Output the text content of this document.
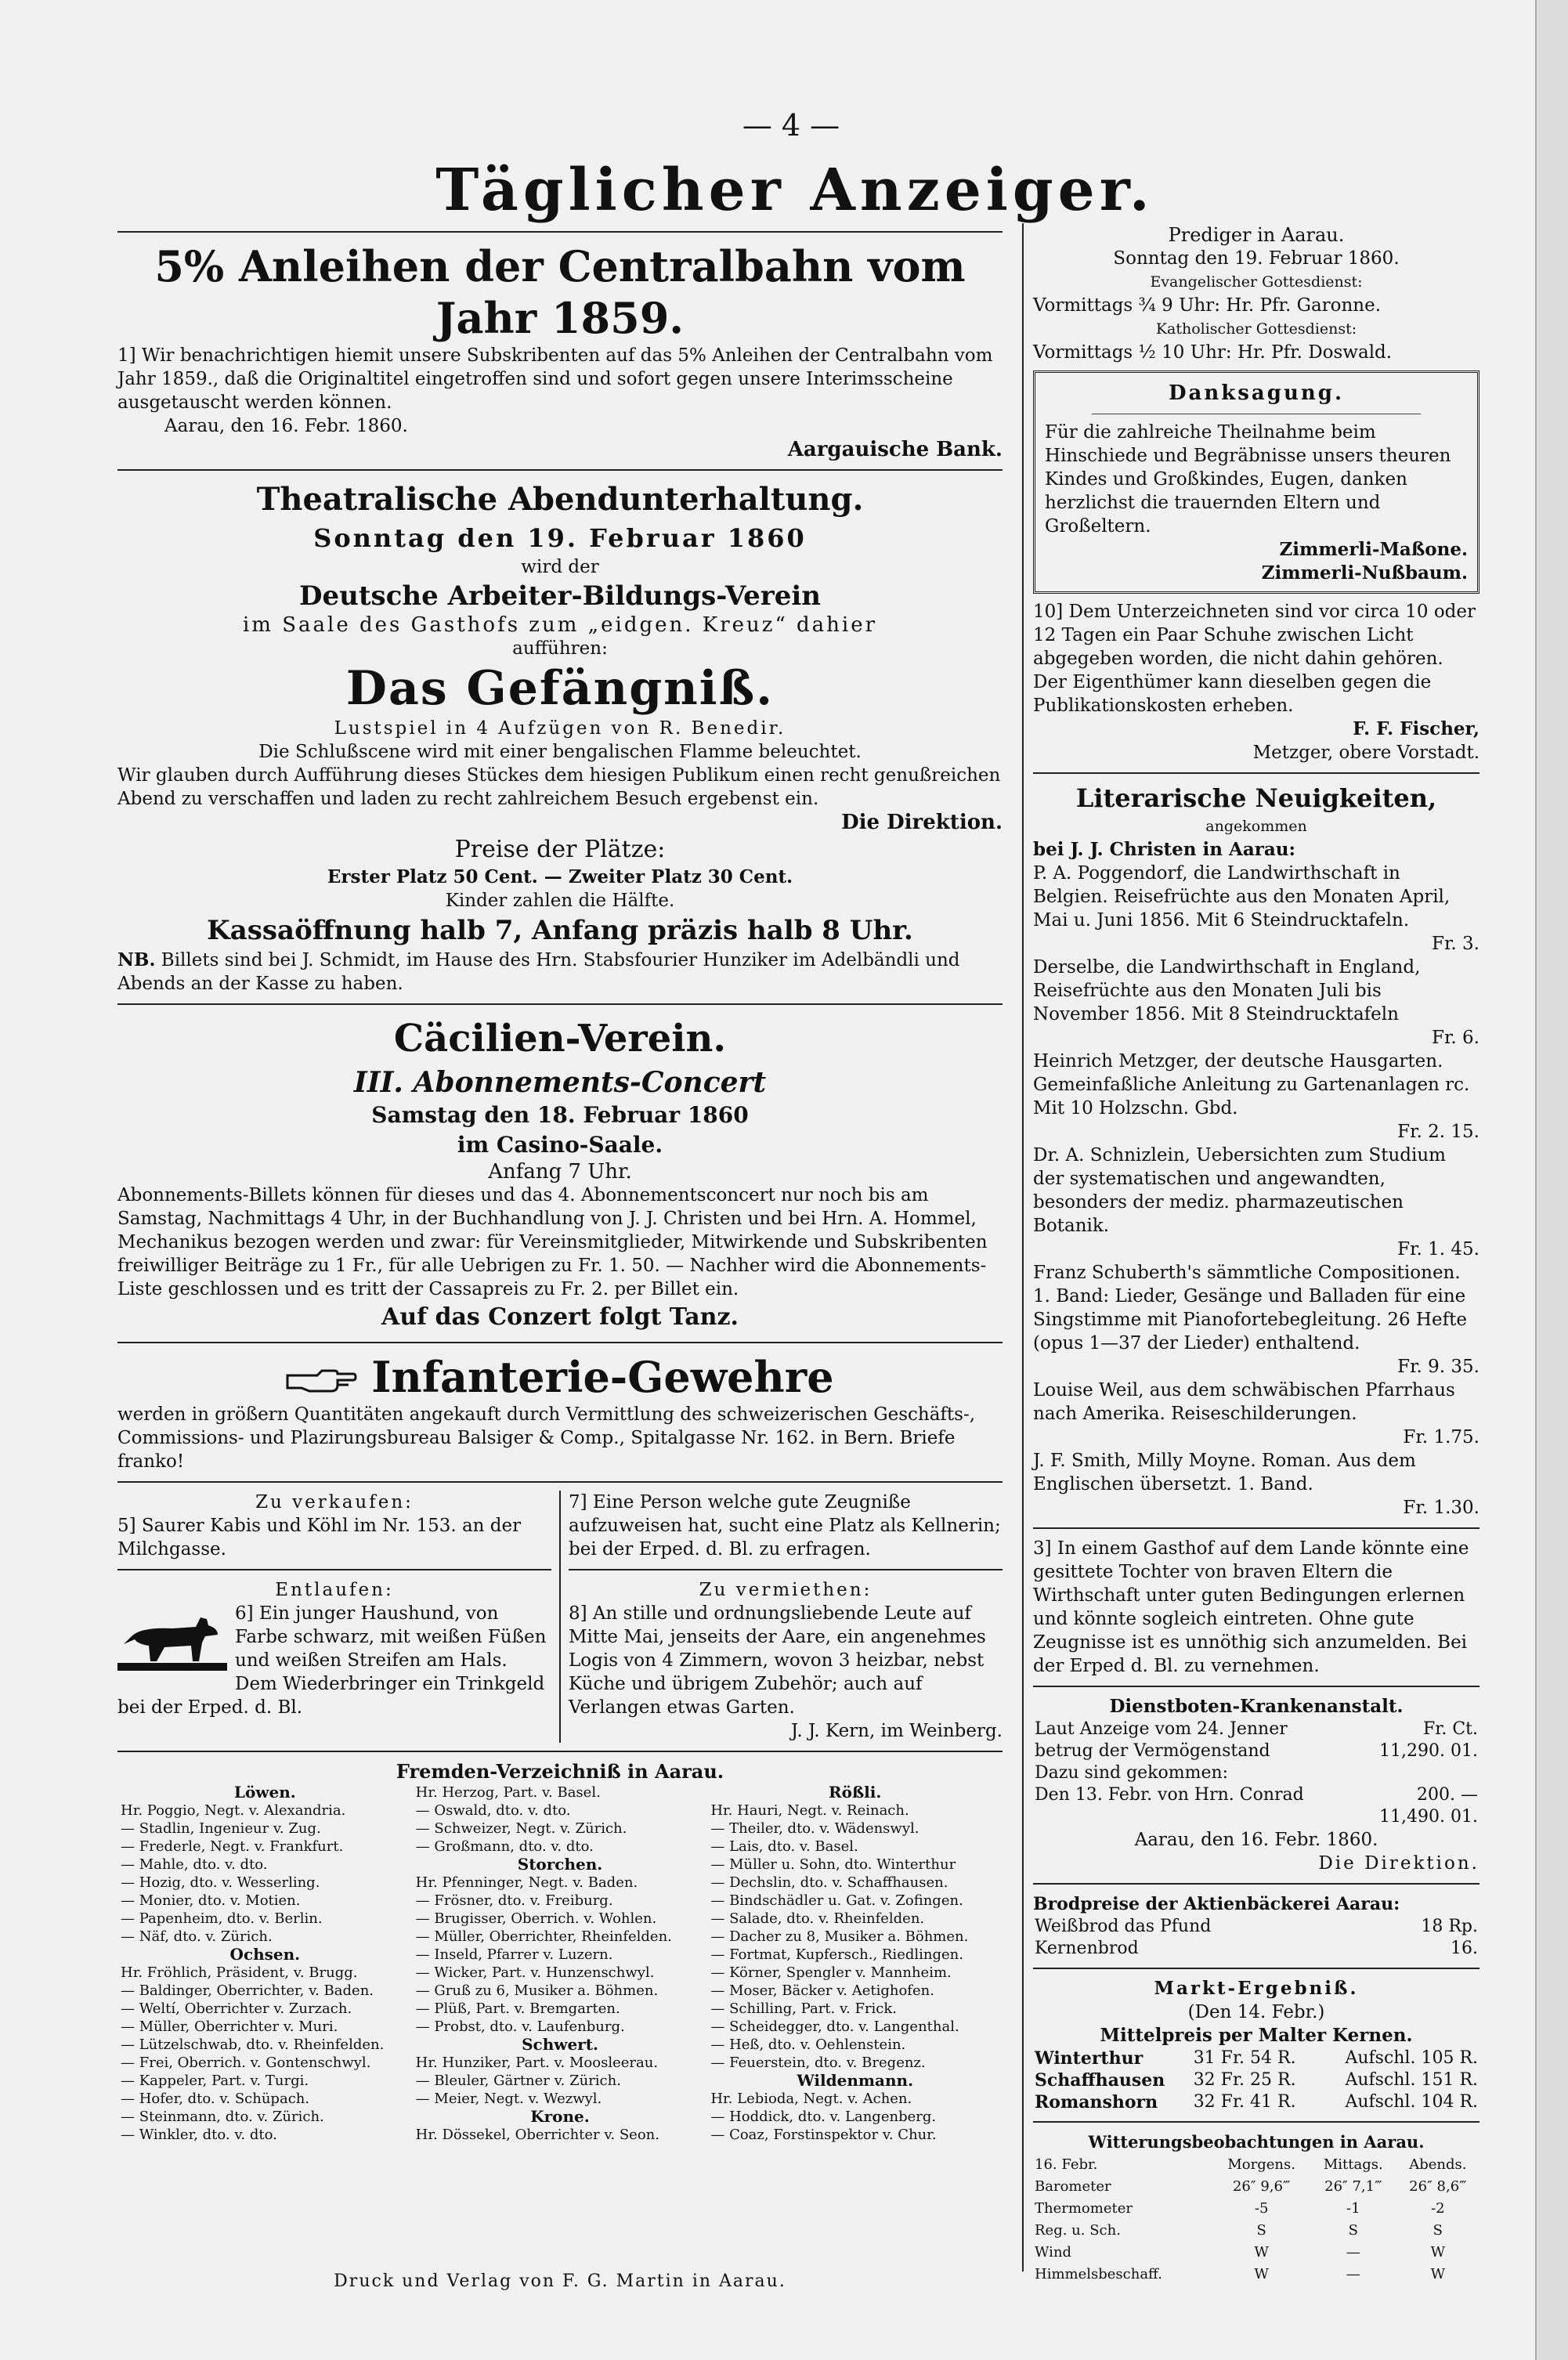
— 4 —
Täglicher Anzeiger.
5% Anleihen der Centralbahn vom Jahr 1859.

1] Wir benachrichtigen hiemit unsere Subskribenten auf das 5% Anleihen der Centralbahn vom Jahr 1859., daß die Originaltitel eingetroffen sind und sofort gegen unsere Interimsscheine ausgetauscht werden können.

Aarau, den 16. Febr. 1860.

Aargauische Bank.

Theatralische Abendunterhaltung.

Sonntag den 19. Februar 1860

wird der

Deutsche Arbeiter-Bildungs-Verein

im Saale des Gasthofs zum „eidgen. Kreuz“ dahier

aufführen:

Das Gefängniß.

Lustspiel in 4 Aufzügen von R. Benedir.

Die Schlußscene wird mit einer bengalischen Flamme beleuchtet.

Wir glauben durch Aufführung dieses Stückes dem hiesigen Publikum einen recht genußreichen Abend zu verschaffen und laden zu recht zahlreichem Besuch ergebenst ein.

Die Direktion.

Preise der Plätze:

Erster Platz 50 Cent. — Zweiter Platz 30 Cent.

Kinder zahlen die Hälfte.

Kassaöffnung halb 7, Anfang präzis halb 8 Uhr.

NB. Billets sind bei J. Schmidt, im Hause des Hrn. Stabsfourier Hunziker im Adelbändli und Abends an der Kasse zu haben.

Cäcilien-Verein.

III. Abonnements-Concert

Samstag den 18. Februar 1860

im Casino-Saale.

Anfang 7 Uhr.

Abonnements-Billets können für dieses und das 4. Abonnementsconcert nur noch bis am Samstag, Nachmittags 4 Uhr, in der Buchhandlung von J. J. Christen und bei Hrn. A. Hommel, Mechanikus bezogen werden und zwar: für Vereinsmitglieder, Mitwirkende und Subskribenten freiwilliger Beiträge zu 1 Fr., für alle Uebrigen zu Fr. 1. 50. — Nachher wird die Abonnements-Liste geschlossen und es tritt der Cassapreis zu Fr. 2. per Billet ein.

Auf das Conzert folgt Tanz.

Infanterie-Gewehre

werden in größern Quantitäten angekauft durch Vermittlung des schweizerischen Geschäfts-, Commissions- und Plazirungsbureau Balsiger & Comp., Spitalgasse Nr. 162. in Bern. Briefe franko!

Zu verkaufen:

5] Saurer Kabis und Köhl im Nr. 153. an der Milchgasse.

Entlaufen:

6] Ein junger Haushund, von Farbe schwarz, mit weißen Füßen und weißen Streifen am Hals. Dem Wiederbringer ein Trinkgeld bei der Erped. d. Bl.

7] Eine Person welche gute Zeugniße aufzuweisen hat, sucht eine Platz als Kellnerin; bei der Erped. d. Bl. zu erfragen.

Zu vermiethen:

8] An stille und ordnungsliebende Leute auf Mitte Mai, jenseits der Aare, ein angenehmes Logis von 4 Zimmern, wovon 3 heizbar, nebst Küche und übrigem Zubehör; auch auf Verlangen etwas Garten.

J. J. Kern, im Weinberg.

Fremden-Verzeichniß in Aarau.

Löwen.
Hr. Poggio, Negt. v. Alexandria.
— Stadlin, Ingenieur v. Zug.
— Frederle, Negt. v. Frankfurt.
— Mahle, dto. v. dto.
— Hozig, dto. v. Wesserling.
— Monier, dto. v. Motien.
— Papenheim, dto. v. Berlin.
— Näf, dto. v. Zürich.
Ochsen.
Hr. Fröhlich, Präsident, v. Brugg.
— Baldinger, Oberrichter, v. Baden.
— Weltí, Oberrichter v. Zurzach.
— Müller, Oberrichter v. Muri.
— Lützelschwab, dto. v. Rheinfelden.
— Frei, Oberrich. v. Gontenschwyl.
— Kappeler, Part. v. Turgi.
— Hofer, dto. v. Schüpach.
— Steinmann, dto. v. Zürich.
— Winkler, dto. v. dto.
Hr. Herzog, Part. v. Basel.
— Oswald, dto. v. dto.
— Schweizer, Negt. v. Zürich.
— Großmann, dto. v. dto.
Storchen.
Hr. Pfenninger, Negt. v. Baden.
— Frösner, dto. v. Freiburg.
— Brugisser, Oberrich. v. Wohlen.
— Müller, Oberrichter, Rheinfelden.
— Inseld, Pfarrer v. Luzern.
— Wicker, Part. v. Hunzenschwyl.
— Gruß zu 6, Musiker a. Böhmen.
— Plüß, Part. v. Bremgarten.
— Probst, dto. v. Laufenburg.
Schwert.
Hr. Hunziker, Part. v. Moosleerau.
— Bleuler, Gärtner v. Zürich.
— Meier, Negt. v. Wezwyl.
Krone.
Hr. Dössekel, Oberrichter v. Seon.
Rößli.
Hr. Hauri, Negt. v. Reinach.
— Theiler, dto. v. Wädenswyl.
— Lais, dto. v. Basel.
— Müller u. Sohn, dto. Winterthur
— Dechslin, dto. v. Schaffhausen.
— Bindschädler u. Gat. v. Zofingen.
— Salade, dto. v. Rheinfelden.
— Dacher zu 8, Musiker a. Böhmen.
— Fortmat, Kupfersch., Riedlingen.
— Körner, Spengler v. Mannheim.
— Moser, Bäcker v. Aetighofen.
— Schilling, Part. v. Frick.
— Scheidegger, dto. v. Langenthal.
— Heß, dto. v. Oehlenstein.
— Feuerstein, dto. v. Bregenz.
Wildenmann.
Hr. Lebioda, Negt. v. Achen.
— Hoddick, dto. v. Langenberg.
— Coaz, Forstinspektor v. Chur.

Prediger in Aarau.

Sonntag den 19. Februar 1860.

Evangelischer Gottesdienst:

Vormittags ¾ 9 Uhr: Hr. Pfr. Garonne.

Katholischer Gottesdienst:

Vormittags ½ 10 Uhr: Hr. Pfr. Doswald.

Danksagung.

Für die zahlreiche Theilnahme beim Hinschiede und Begräbnisse unsers theuren Kindes und Großkindes, Eugen, danken herzlichst die trauernden Eltern und Großeltern.

Zimmerli-Maßone.

Zimmerli-Nußbaum.

10] Dem Unterzeichneten sind vor circa 10 oder 12 Tagen ein Paar Schuhe zwischen Licht abgegeben worden, die nicht dahin gehören. Der Eigenthümer kann dieselben gegen die Publikationskosten erheben.

F. F. Fischer,

Metzger, obere Vorstadt.

Literarische Neuigkeiten,

angekommen

bei J. J. Christen in Aarau:

P. A. Poggendorf, die Landwirthschaft in Belgien. Reisefrüchte aus den Monaten April, Mai u. Juni 1856. Mit 6 Steindrucktafeln.

Fr. 3.

Derselbe, die Landwirthschaft in England, Reisefrüchte aus den Monaten Juli bis November 1856. Mit 8 Steindrucktafeln

Fr. 6.

Heinrich Metzger, der deutsche Hausgarten. Gemeinfaßliche Anleitung zu Gartenanlagen rc. Mit 10 Holzschn. Gbd.

Fr. 2. 15.

Dr. A. Schnizlein, Uebersichten zum Studium der systematischen und angewandten, besonders der mediz. pharmazeutischen Botanik.

Fr. 1. 45.

Franz Schuberth's sämmtliche Compositionen. 1. Band: Lieder, Gesänge und Balladen für eine Singstimme mit Pianofortebegleitung. 26 Hefte (opus 1—37 der Lieder) enthaltend.

Fr. 9. 35.

Louise Weil, aus dem schwäbischen Pfarrhaus nach Amerika. Reiseschilderungen.

Fr. 1.75.

J. F. Smith, Milly Moyne. Roman. Aus dem Englischen übersetzt. 1. Band.

Fr. 1.30.

3] In einem Gasthof auf dem Lande könnte eine gesittete Tochter von braven Eltern die Wirthschaft unter guten Bedingungen erlernen und könnte sogleich eintreten. Ohne gute Zeugnisse ist es unnöthig sich anzumelden. Bei der Erped d. Bl. zu vernehmen.

Dienstboten-Krankenanstalt.

Laut Anzeige vom 24. Jenner	Fr. Ct.
betrug der Vermögenstand	11,290. 01.
Dazu sind gekommen:	
Den 13. Febr. von Hrn. Conrad	200. —
	11,490. 01.

Aarau, den 16. Febr. 1860.

Die Direktion.

Brodpreise der Aktienbäckerei Aarau:

Weißbrod das Pfund	18 Rp.
Kernenbrod	16.

Markt-Ergebniß.

(Den 14. Febr.)

Mittelpreis per Malter Kernen.

Winterthur	31 Fr. 54 R.	Aufschl. 105 R.
Schaffhausen	32 Fr. 25 R.	Aufschl. 151 R.
Romanshorn	32 Fr. 41 R.	Aufschl. 104 R.

Witterungsbeobachtungen in Aarau.

16. Febr.	Morgens.	Mittags.	Abends.
Barometer	26″ 9,6‴	26″ 7,1‴	26″ 8,6‴
Thermometer	-5	-1	-2
Reg. u. Sch.	S	S	S
Wind	W	—	W
Himmelsbeschaff.	W	—	W
Druck und Verlag von F. G. Martin in Aarau.
